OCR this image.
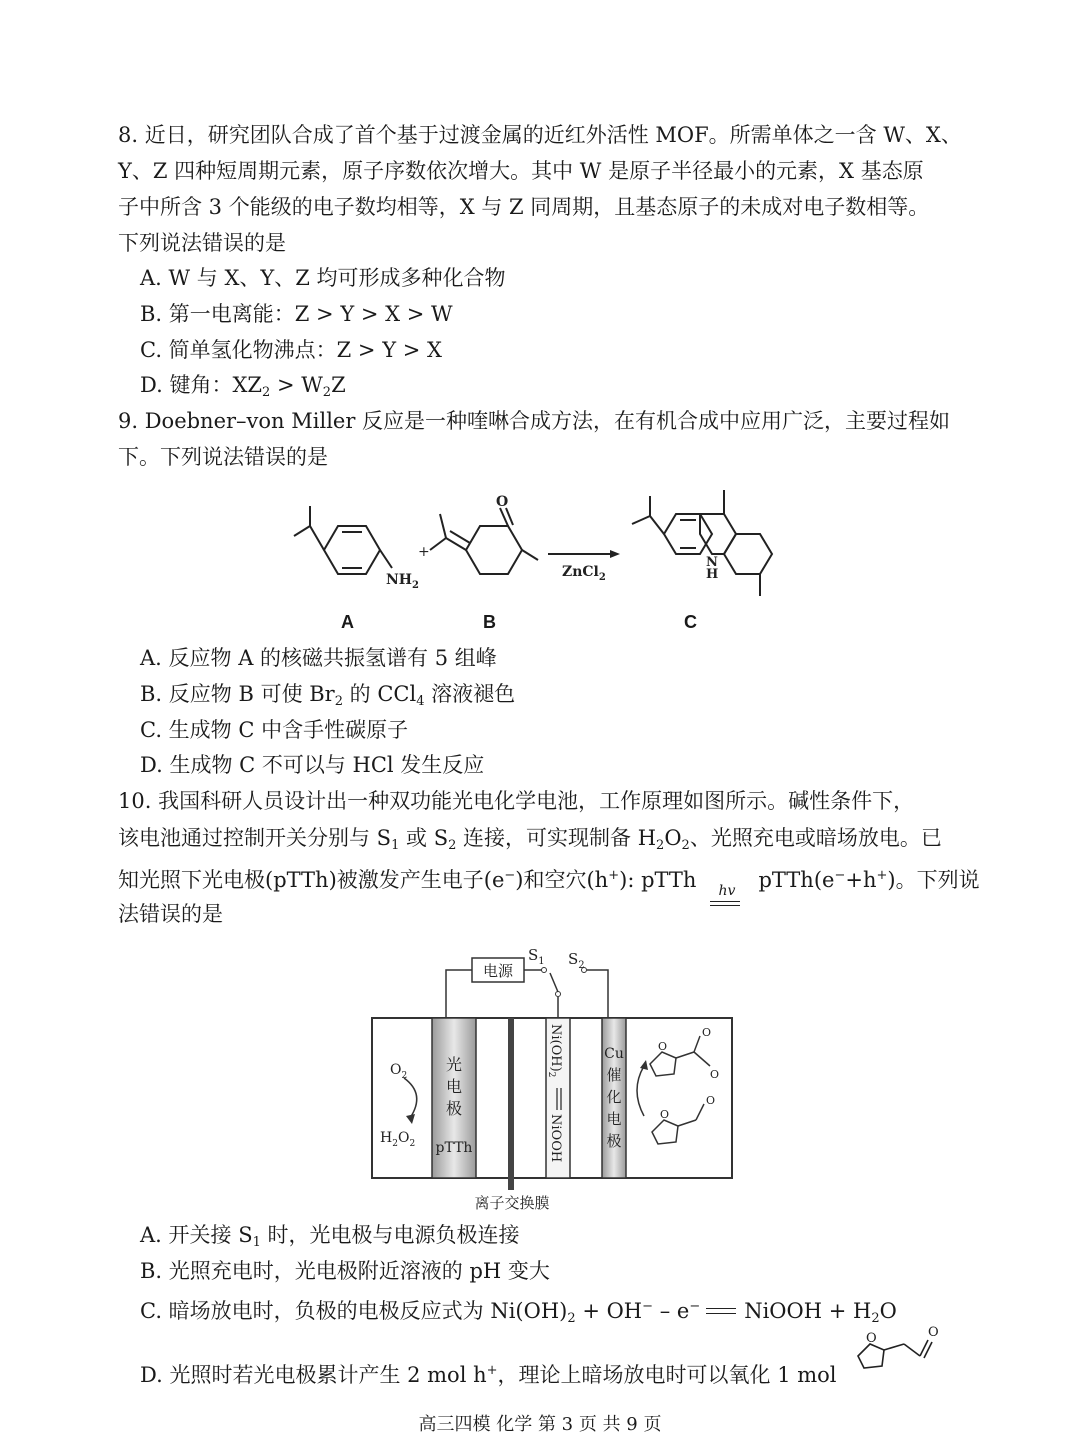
8. 近日，研究团队合成了首个基于过渡金属的近红外活性 MOF。所需单体之一含 W、X、
Y、Z 四种短周期元素，原子序数依次增大。其中 W 是原子半径最小的元素，X 基态原
子中所含 3 个能级的电子数均相等，X 与 Z 同周期，且基态原子的未成对电子数相等。
下列说法错误的是
A. W 与 X、Y、Z 均可形成多种化合物
B. 第一电离能：Z > Y > X > W
C. 简单氢化物沸点：Z > Y > X
D. 键角：$XZ_2 > W_2Z$
9. Doebner–von Miller 反应是一种喹啉合成方法，在有机合成中应用广泛，主要过程如
下。下列说法错误的是
$NH_2$
+
O
ZnCl$_2$
N
H
A	B	C
A. 反应物 A 的核磁共振氢谱有 5 组峰
B. 反应物 B 可使 $Br_2$ 的 CCl$_4$ 溶液褪色
C. 生成物 C 中含手性碳原子
D. 生成物 C 不可以与 HCl 发生反应
10. 我国科研人员设计出一种双功能光电化学电池，工作原理如图所示。碱性条件下，
该电池通过控制开关分别与 $S_1$ 或 $S_2$ 连接，可实现制备 $H_2O_2$、光照充电或暗场放电。已
知光照下光电极(pTTh)被激发产生电子(e−)和空穴(h+): pTTh hv pTTh(e−+h+)。下列说
法错误的是
电源
$S_1$ $S_2$
$O_2$
$H_2O_2$
光
电
极
pTTh
$Ni(OH)_2$
NiOOH
Cu
催
化
电
极
O
O
O
O
O
离子交换膜
A. 开关接 $S_1$ 时，光电极与电源负极连接
B. 光照充电时，光电极附近溶液的 pH 变大
C. 暗场放电时，负极的电极反应式为 $Ni(OH)_2 + OH^- - e^-$ NiOOH + $H_2O$
D. 光照时若光电极累计产生 2 mol h+，理论上暗场放电时可以氧化 1 mol
O	O
高三四模 化学 第 3 页 共 9 页
